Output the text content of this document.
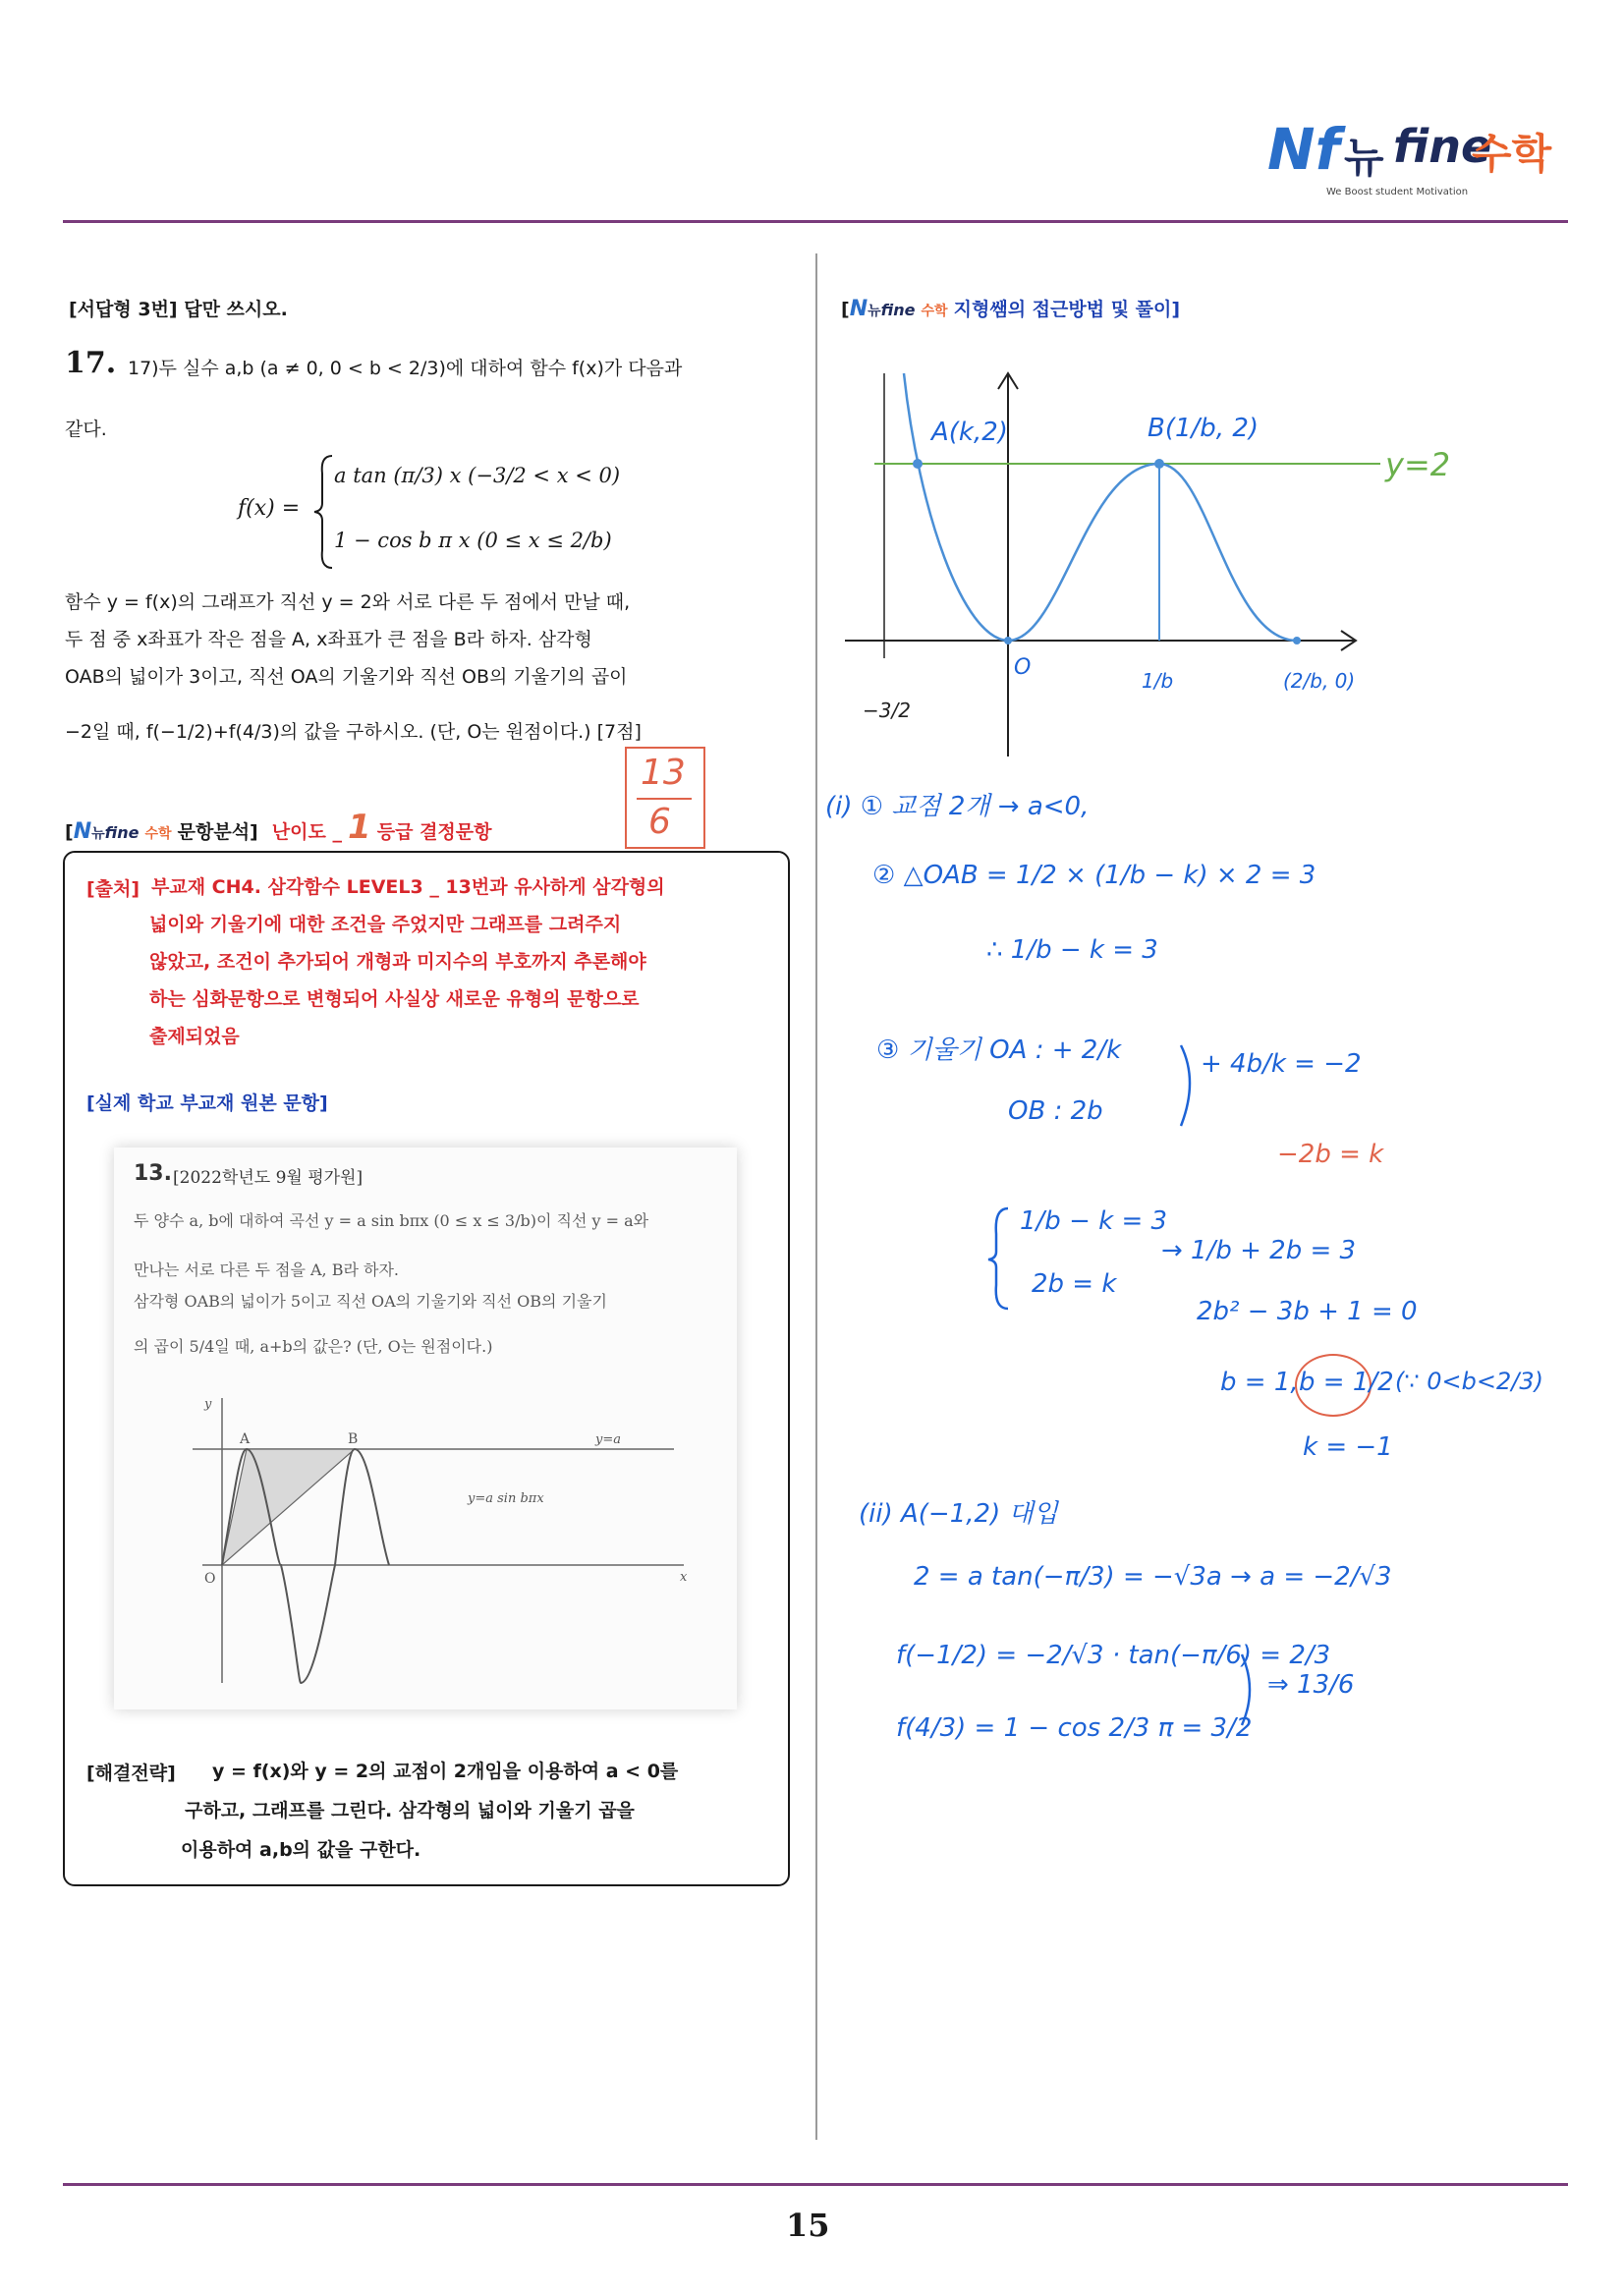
Nf 뉴 fine
수학
We Boost student Motivation
[서답형 3번] 답만 쓰시오.
17. 17)두 실수 a,b (a ≠ 0, 0 < b < 2/3)에 대하여 함수 f(x)가 다음과
같다.
f(x) =
a tan (π/3) x (−3/2 < x < 0)
1 − cos b π x (0 ≤ x ≤ 2/b)
함수 y = f(x)의 그래프가 직선 y = 2와 서로 다른 두 점에서 만날 때,
두 점 중 x좌표가 작은 점을 A, x좌표가 큰 점을 B라 하자. 삼각형
OAB의 넓이가 3이고, 직선 OA의 기울기와 직선 OB의 기울기의 곱이
−2일 때, f(−1/2)+f(4/3)의 값을 구하시오. (단, O는 원점이다.) [7점]
13
6
[N뉴fine 수학 문항분석] 난이도 _ 1 등급 결정문항
[출처] 부교재 CH4. 삼각함수 LEVEL3 _ 13번과 유사하게 삼각형의
넓이와 기울기에 대한 조건을 주었지만 그래프를 그려주지
않았고, 조건이 추가되어 개형과 미지수의 부호까지 추론해야
하는 심화문항으로 변형되어 사실상 새로운 유형의 문항으로
출제되었음
[실제 학교 부교재 원본 문항]
13. [2022학년도 9월 평가원]
두 양수 a, b에 대하여 곡선 y = a sin bπx (0 ≤ x ≤ 3/b)이 직선 y = a와
만나는 서로 다른 두 점을 A, B라 하자.
삼각형 OAB의 넓이가 5이고 직선 OA의 기울기와 직선 OB의 기울기
의 곱이 5/4일 때, a+b의 값은? (단, O는 원점이다.)
y
x
O
A	B	y=a
y=a sin bπx
[해결전략] y = f(x)와 y = 2의 교점이 2개임을 이용하여 a < 0를
구하고, 그래프를 그린다. 삼각형의 넓이와 기울기 곱을
이용하여 a,b의 값을 구한다.
[N뉴fine 수학 지형쌤의 접근방법 및 풀이]
A(k,2)	B(1/b, 2)
y=2
O
1/b	(2/b, 0)
−3/2
(i) ① 교점 2개 → a<0,
② △OAB = 1/2 × (1/b − k) × 2 = 3
∴ 1/b − k = 3
③ 기울기 OA : + 2/k
OB : 2b
+ 4b/k = −2
−2b = k
1/b − k = 3
2b = k
→ 1/b + 2b = 3
2b² − 3b + 1 = 0
b = 1, b = 1/2 (∵ 0<b<2/3)
k = −1
(ii) A(−1,2) 대입
2 = a tan(−π/3) = −√3a → a = −2/√3
f(−1/2) = −2/√3 · tan(−π/6) = 2/3
f(4/3) = 1 − cos 2/3 π = 3/2
⇒ 13/6
15
